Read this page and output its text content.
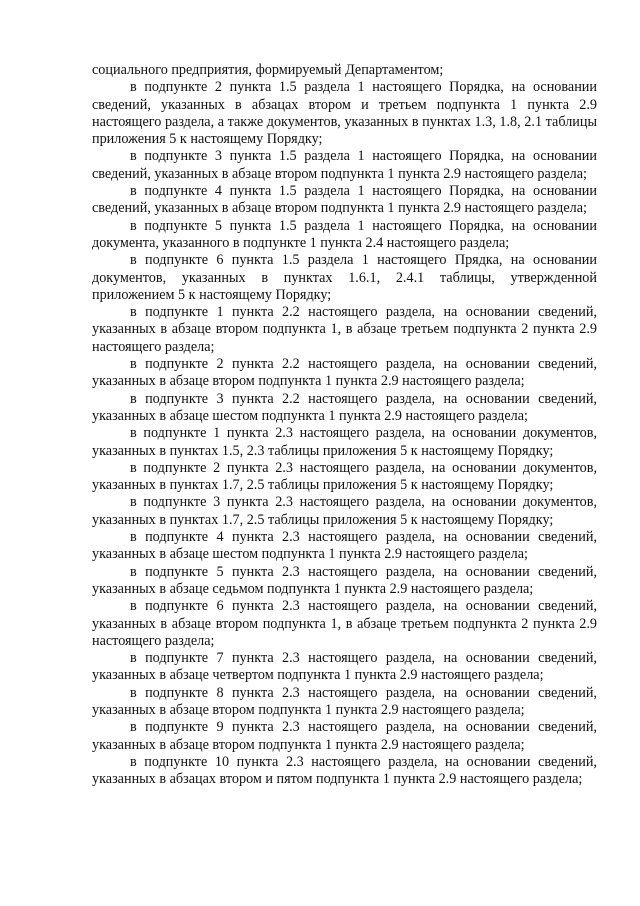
социального предприятия, формируемый Департаментом;

в подпункте 2 пункта 1.5 раздела 1 настоящего Порядка, на основании сведений, указанных в абзацах втором и третьем подпункта 1 пункта 2.9 настоящего раздела, а также документов, указанных в пунктах 1.3, 1.8, 2.1 таблицы приложения 5 к настоящему Порядку;

в подпункте 3 пункта 1.5 раздела 1 настоящего Порядка, на основании сведений, указанных в абзаце втором подпункта 1 пункта 2.9 настоящего раздела;

в подпункте 4 пункта 1.5 раздела 1 настоящего Порядка, на основании сведений, указанных в абзаце втором подпункта 1 пункта 2.9 настоящего раздела;

в подпункте 5 пункта 1.5 раздела 1 настоящего Порядка, на основании документа, указанного в подпункте 1 пункта 2.4 настоящего раздела;

в подпункте 6 пункта 1.5 раздела 1 настоящего Прядка, на основании документов, указанных в пунктах 1.6.1, 2.4.1 таблицы, утвержденной приложением 5 к настоящему Порядку;

в подпункте 1 пункта 2.2 настоящего раздела, на основании сведений, указанных в абзаце втором подпункта 1, в абзаце третьем подпункта 2 пункта 2.9 настоящего раздела;

в подпункте 2 пункта 2.2 настоящего раздела, на основании сведений, указанных в абзаце втором подпункта 1 пункта 2.9 настоящего раздела;

в подпункте 3 пункта 2.2 настоящего раздела, на основании сведений, указанных в абзаце шестом подпункта 1 пункта 2.9 настоящего раздела;

в подпункте 1 пункта 2.3 настоящего раздела, на основании документов, указанных в пунктах 1.5, 2.3 таблицы приложения 5 к настоящему Порядку;

в подпункте 2 пункта 2.3 настоящего раздела, на основании документов, указанных в пунктах 1.7, 2.5 таблицы приложения 5 к настоящему Порядку;

в подпункте 3 пункта 2.3 настоящего раздела, на основании документов, указанных в пунктах 1.7, 2.5 таблицы приложения 5 к настоящему Порядку;

в подпункте 4 пункта 2.3 настоящего раздела, на основании сведений, указанных в абзаце шестом подпункта 1 пункта 2.9 настоящего раздела;

в подпункте 5 пункта 2.3 настоящего раздела, на основании сведений, указанных в абзаце седьмом подпункта 1 пункта 2.9 настоящего раздела;

в подпункте 6 пункта 2.3 настоящего раздела, на основании сведений, указанных в абзаце втором подпункта 1, в абзаце третьем подпункта 2 пункта 2.9 настоящего раздела;

в подпункте 7 пункта 2.3 настоящего раздела, на основании сведений, указанных в абзаце четвертом подпункта 1 пункта 2.9 настоящего раздела;

в подпункте 8 пункта 2.3 настоящего раздела, на основании сведений, указанных в абзаце втором подпункта 1 пункта 2.9 настоящего раздела;

в подпункте 9 пункта 2.3 настоящего раздела, на основании сведений, указанных в абзаце втором подпункта 1 пункта 2.9 настоящего раздела;

в подпункте 10 пункта 2.3 настоящего раздела, на основании сведений, указанных в абзацах втором и пятом подпункта 1 пункта 2.9 настоящего раздела;
